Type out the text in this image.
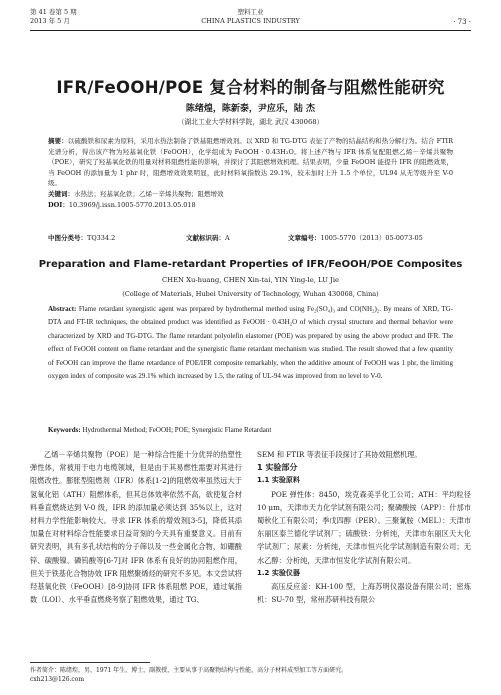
第 41 卷第 5 期
2013 年 5 月
塑料工业
CHINA PLASTICS INDUSTRY	· 73 ·
IFR/FeOOH/POE 复合材料的制备与阻燃性能研究
陈绪煌，陈新泰，尹应乐，陆 杰
（湖北工业大学材料学院，湖北 武汉 430068）
摘要：以硫酸铁和尿素为原料，采用水热法制备了铁基阻燃增效剂。以 XRD 和 TG-DTG 表征了产物的结晶结构和热分解行为。结合 FTIR 光谱分析，得出该产物为羟基氧化铁（FeOOH），化学组成为 FeOOH · 0.43H₂O。将上述产物与 IFR 体系复配阻燃乙烯－辛烯共聚物（POE），研究了羟基氧化铁的用量对材料阻燃性能的影响，并探讨了其阻燃增效机理。结果表明，少量 FeOOH 能提升 IFR 的阻燃效果，当 FeOOH 的添加量为 1 phr 时，阻燃增效效果明显，此时材料氧指数达 29.1%，较未加时上升 1.5 个单位，UL94 从无等级升至 V-0 级。
关键词：水热法；羟基氧化铁；乙烯－辛烯共聚物；阻燃增效
DOI：10.3969/j.issn.1005-5770.2013.05.018
中图分类号：TQ334.2	文献标识码：A	文章编号：1005-5770（2013）05-0073-05
Preparation and Flame-retardant Properties of IFR/FeOOH/POE Composites
CHEN Xu-huang, CHEN Xin-tai, YIN Ying-le, LU Jie
(College of Materials, Hubei University of Technology, Wuhan 430068, China)
Abstract: Flame retardant synergistic agent was prepared by hydrothermal method using Fe₂(SO₄)₃ and CO(NH₂)₂. By means of XRD, TG-DTA and FT-IR techniques, the obtained product was identified as FeOOH · 0.43H₂O of which crystal structure and thermal behavior were characterized by XRD and TG-DTG. The flame retardant polyolefin elastomer (POE) was prepared by using the above product and IFR. The effect of FeOOH content on flame retardant and the synergistic flame retardant mechanism was studied. The result showed that a few quantity of FeOOH can improve the flame retardance of POE/IFR composite remarkably, when the additive amount of FeOOH was 1 phr, the limiting oxygen index of composite was 29.1% which increased by 1.5, the rating of UL-94 was improved from no level to V-0.
Keywords: Hydrothermal Method; FeOOH; POE; Synergistic Flame Retardant

乙烯－辛烯共聚物（POE）是一种综合性能十分优异的热塑性弹性体，常被用于电力电缆领域，但是由于其易燃性需要对其进行阻燃改性。膨胀型阻燃剂（IFR）体系[1-2]的阻燃效率虽然远大于氢氧化铝（ATH）阻燃体系，但其总体效率依然不高，欲使复合材料垂直燃烧达到 V-0 级，IFR 的添加量必须达到 35%以上，这对材料力学性能影响较大。寻求 IFR 体系的增效剂[3-5]，降低其添加量在对材料综合性能要求日益苛刻的今天具有重要意义。目前有研究表明，具有多孔状结构的分子筛以及一些金属化合物，如硼酸锌、碳酸镍、磷钨酸等[6-7]对 IFR 体系有良好的协同阻燃作用，但关于铁基化合物协效 IFR 阻燃聚烯烃的研究不多见。本文尝试将羟基氧化铁（FeOOH）[8-9]协同 IFR 体系阻燃 POE，通过氧指数（LOI）、水平垂直燃烧考察了阻燃效果，通过 TG、

SEM 和 FTIR 等表征手段探讨了其协效阻燃机理。

1 实验部分
1.1 实验原料

POE 弹性体：8450，埃克森美孚化工公司；ATH：平均粒径 10 μm，天津市天力化学试剂有限公司；聚磷酸铵（APP）：什邡市蜀秋化工有限公司；季戊四醇（PER）、三聚氰胺（MEL）：天津市东丽区泰兰德化学试剂厂；硫酸铁：分析纯，天津市东丽区天大化学试剂厂；尿素：分析纯，天津市恒兴化学试剂制造有限公司；无水乙醇：分析纯，天津市恒发化学试剂有限公司。

1.2 实验仪器

高压反应釜：KH-100 型，上海苏明仪器设备有限公司；密炼机：SU-70 型，常州苏研科技有限公

作者简介：陈绪煌，男，1971 年生，博士，副教授，主要从事于高聚物结构与性能，高分子材料成型加工等方面研究。
cxh213@126.com
